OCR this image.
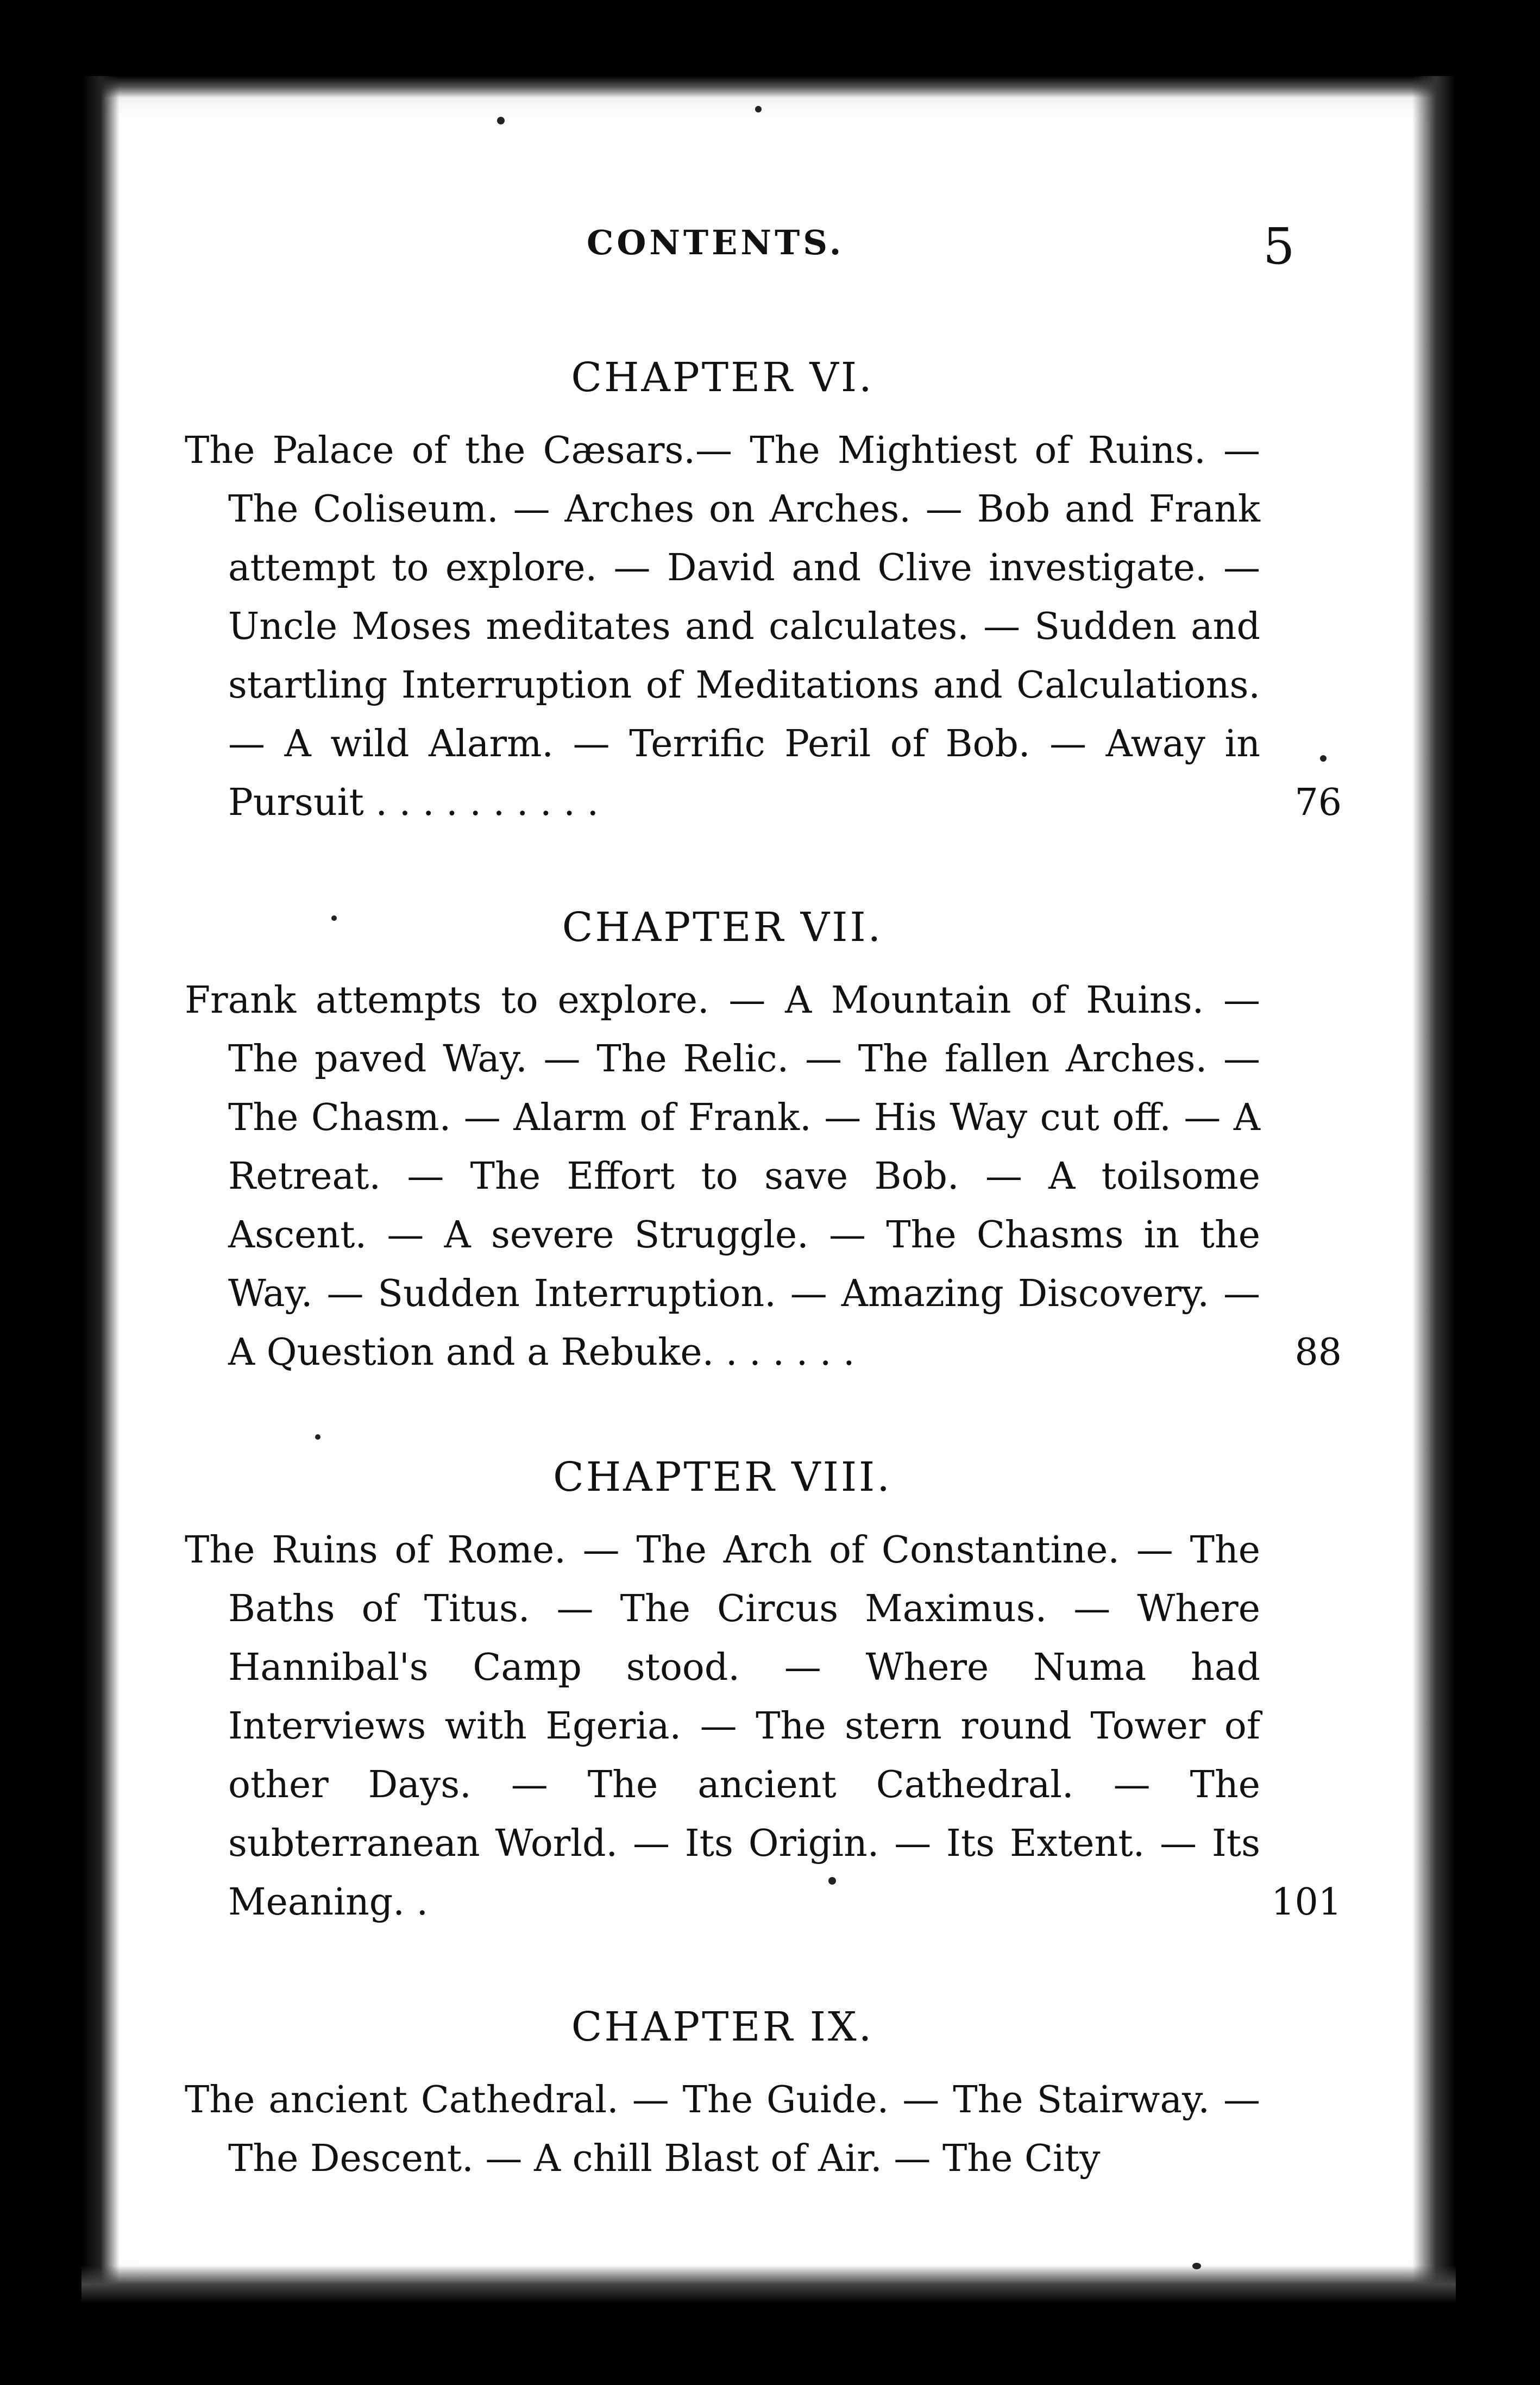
CONTENTS.	5
CHAPTER VI.

The Palace of the Cæsars.— The Mightiest of Ruins. — The Coliseum. — Arches on Arches. — Bob and Frank attempt to explore. — David and Clive investigate. — Uncle Moses meditates and calculates. — Sudden and startling Interruption of Meditations and Calculations. — A wild Alarm. — Terrific Peril of Bob. — Away in Pursuit . . . . . . . . . .	76
CHAPTER VII.

Frank attempts to explore. — A Mountain of Ruins. — The paved Way. — The Relic. — The fallen Arches. — The Chasm. — Alarm of Frank. — His Way cut off. — A Retreat. — The Effort to save Bob. — A toilsome Ascent. — A severe Struggle. — The Chasms in the Way. — Sudden Interruption. — Amazing Discovery. — A Question and a Rebuke. . . . . . .	88
CHAPTER VIII.

The Ruins of Rome. — The Arch of Constantine. — The Baths of Titus. — The Circus Maximus. — Where Hannibal's Camp stood. — Where Numa had Interviews with Egeria. — The stern round Tower of other Days. — The ancient Cathedral. — The subterranean World. — Its Origin. — Its Extent. — Its Meaning. .	101
CHAPTER IX.

The ancient Cathedral. — The Guide. — The Stairway. — The Descent. — A chill Blast of Air. — The City
